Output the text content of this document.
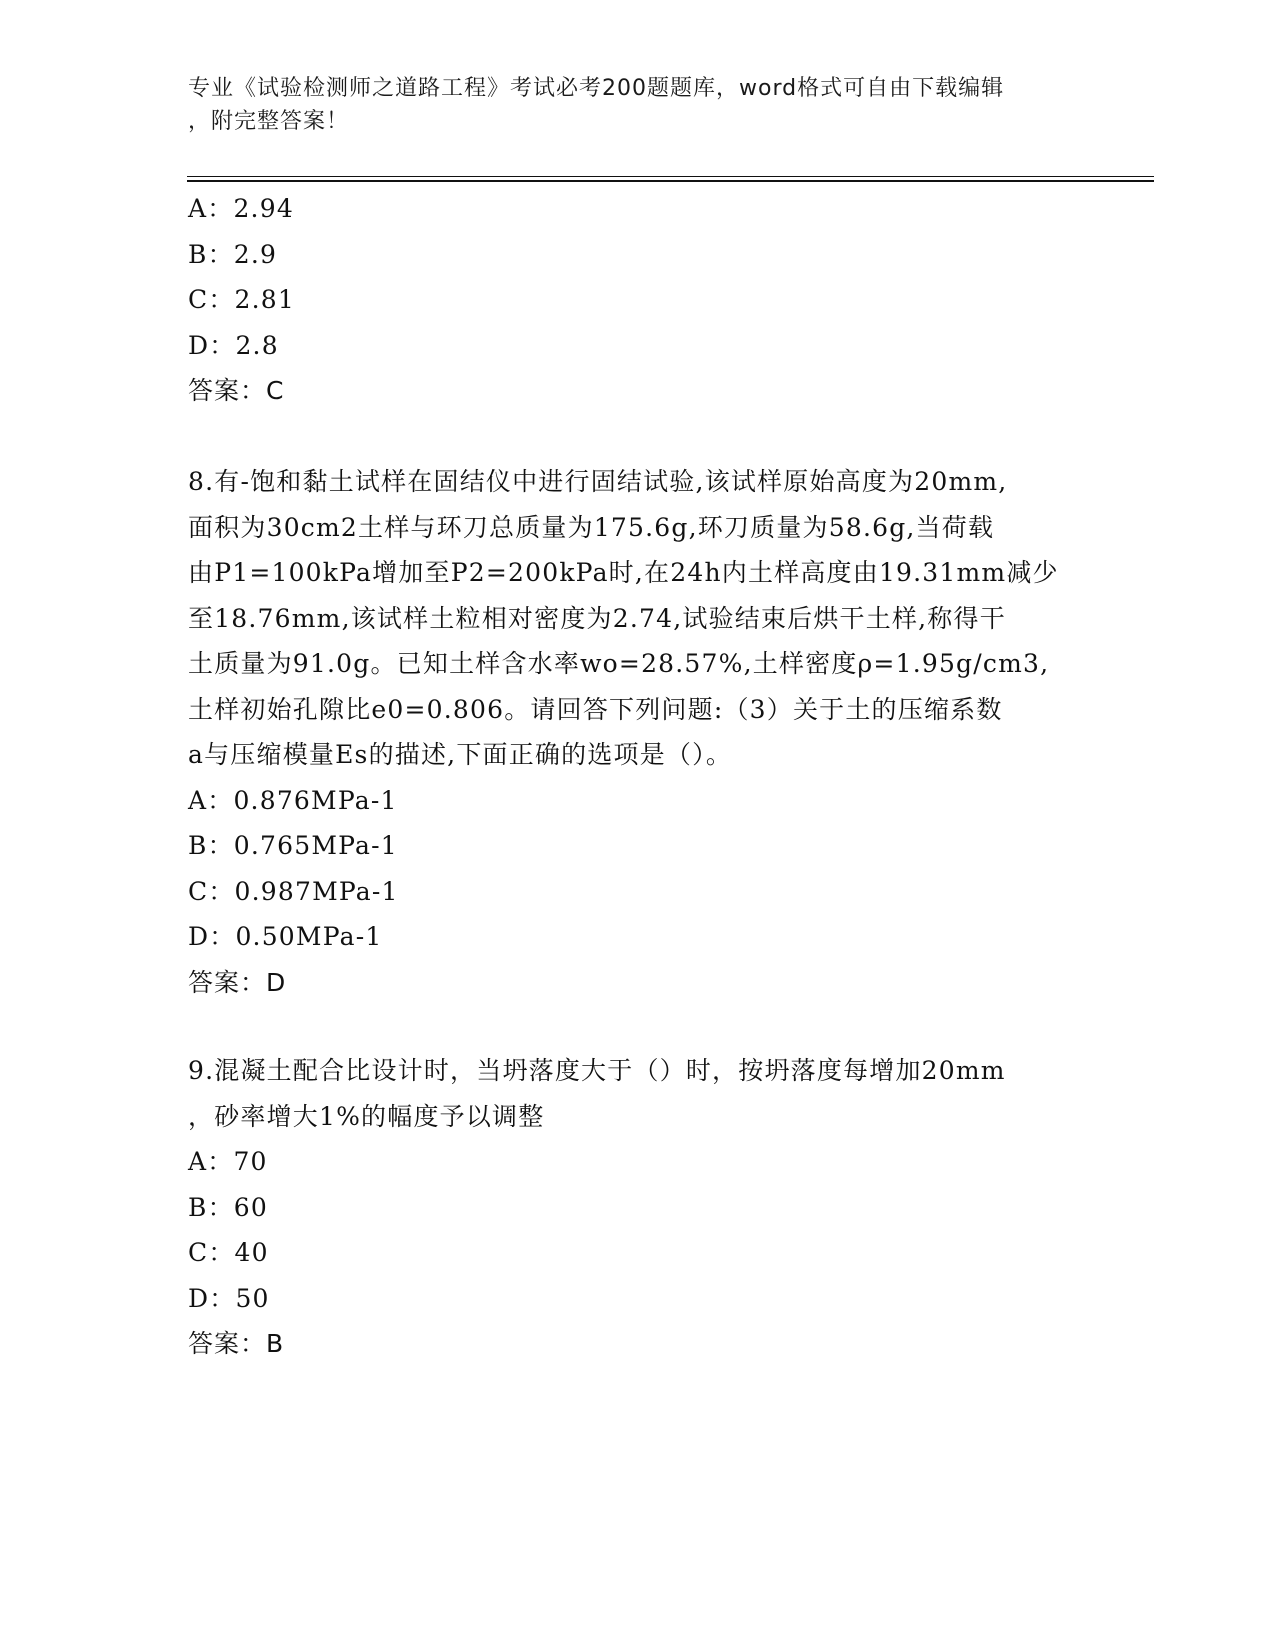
专业《试验检测师之道路工程》考试必考200题题库，word格式可自由下载编辑
，附完整答案！
A：2.94
B：2.9
C：2.81
D：2.8
答案：C
8.有-饱和黏土试样在固结仪中进行固结试验,该试样原始高度为20mm,
面积为30cm2土样与环刀总质量为175.6g,环刀质量为58.6g,当荷载
由P1=100kPa增加至P2=200kPa时,在24h内土样高度由19.31mm减少
至18.76mm,该试样土粒相对密度为2.74,试验结束后烘干土样,称得干
土质量为91.0g。已知土样含水率wo=28.57%,土样密度ρ=1.95g/cm3,
土样初始孔隙比e0=0.806。请回答下列问题:（3）关于土的压缩系数
a与压缩模量Es的描述,下面正确的选项是（）。
A：0.876MPa-1
B：0.765MPa-1
C：0.987MPa-1
D：0.50MPa-1
答案：D
9.混凝土配合比设计时，当坍落度大于（）时，按坍落度每增加20mm
，砂率增大1%的幅度予以调整
A：70
B：60
C：40
D：50
答案：B
